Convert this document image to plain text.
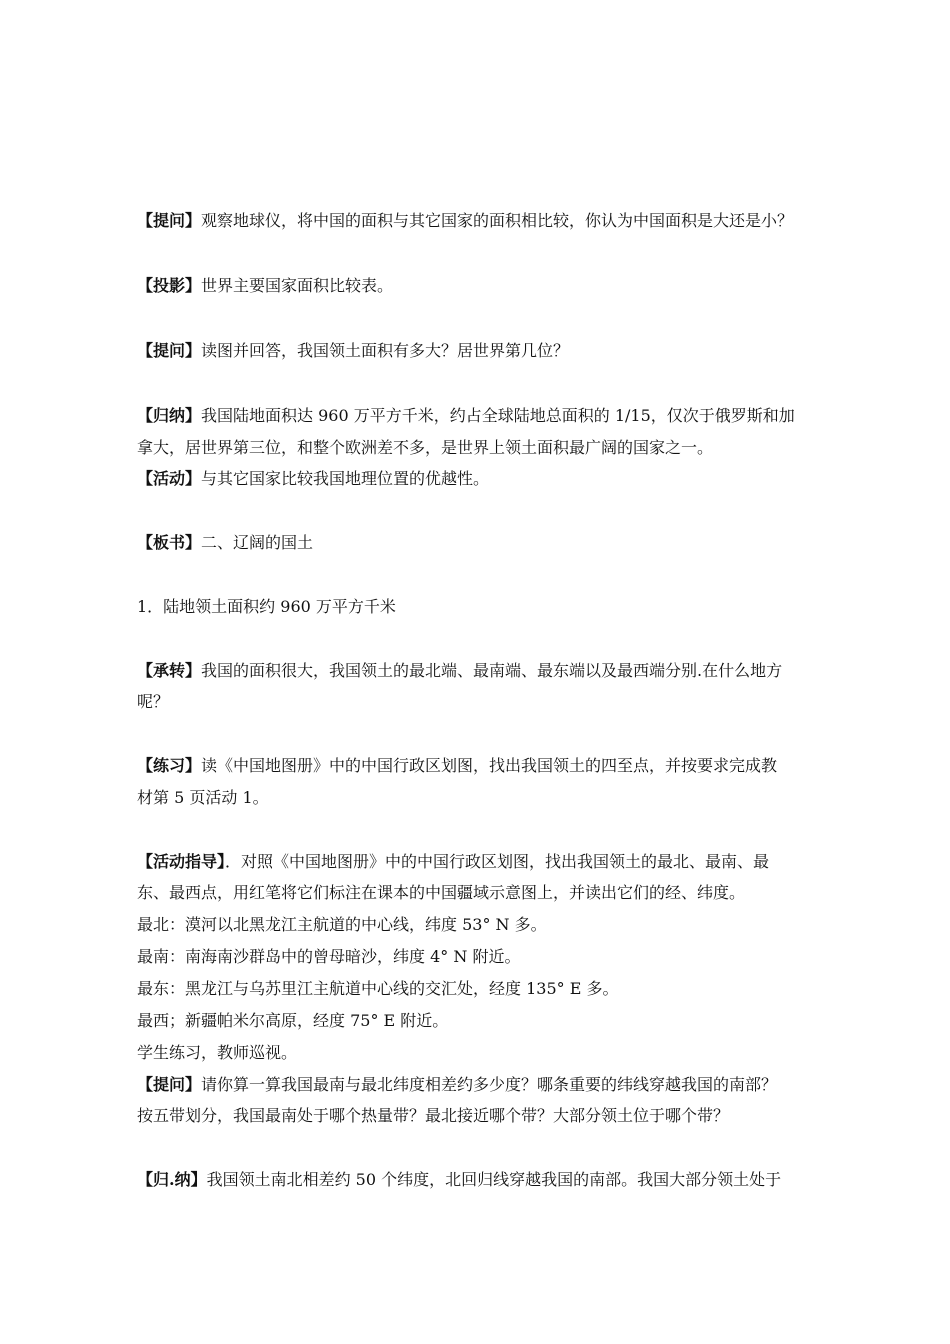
【提问】观察地球仪，将中国的面积与其它国家的面积相比较，你认为中国面积是大还是小？
【投影】世界主要国家面积比较表。
【提问】读图并回答，我国领土面积有多大？居世界第几位？
【归纳】我国陆地面积达 960 万平方千米，约占全球陆地总面积的 1/15，仅次于俄罗斯和加
拿大，居世界第三位，和整个欧洲差不多，是世界上领土面积最广阔的国家之一。
【活动】与其它国家比较我国地理位置的优越性。
【板书】二、辽阔的国土
1．陆地领土面积约 960 万平方千米
【承转】我国的面积很大，我国领土的最北端、最南端、最东端以及最西端分别.在什么地方
呢？
【练习】读《中国地图册》中的中国行政区划图，找出我国领土的四至点，并按要求完成教
材第 5 页活动 1。
【活动指导】．对照《中国地图册》中的中国行政区划图，找出我国领土的最北、最南、最
东、最西点，用红笔将它们标注在课本的中国疆域示意图上，并读出它们的经、纬度。
最北：漠河以北黑龙江主航道的中心线，纬度 53° N 多。
最南：南海南沙群岛中的曾母暗沙，纬度 4° N 附近。
最东：黑龙江与乌苏里江主航道中心线的交汇处，经度 135° E 多。
最西；新疆帕米尔高原，经度 75° E 附近。
学生练习，教师巡视。
【提问】请你算一算我国最南与最北纬度相差约多少度？哪条重要的纬线穿越我国的南部？
按五带划分，我国最南处于哪个热量带？最北接近哪个带？大部分领土位于哪个带？
【归.纳】我国领土南北相差约 50 个纬度，北回归线穿越我国的南部。我国大部分领土处于
